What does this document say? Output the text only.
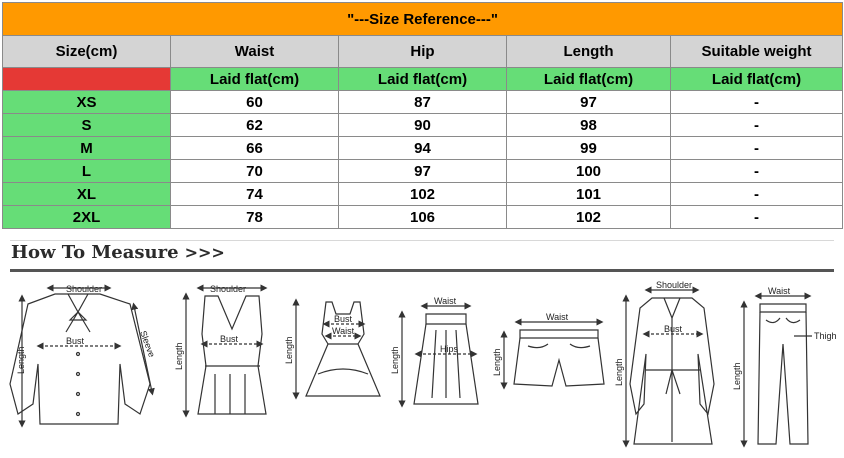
"---Size Reference---"				
Size(cm)	Waist	Hip	Length	Suitable weight
	Laid flat(cm)	Laid flat(cm)	Laid flat(cm)	Laid flat(cm)
XS	60	87	97	-
S	62	90	98	-
M	66	94	99	-
L	70	97	100	-
XL	74	102	101	-
2XL	78	106	102	-
How To Measure >>>
Shoulder
Bust
Length
Sleeve
Shoulder
Bust
Length
Bust
Waist
Length
Waist
Hips
Length
Waist
Length
Shoulder
Bust
Length
Waist
Thigh
Length
